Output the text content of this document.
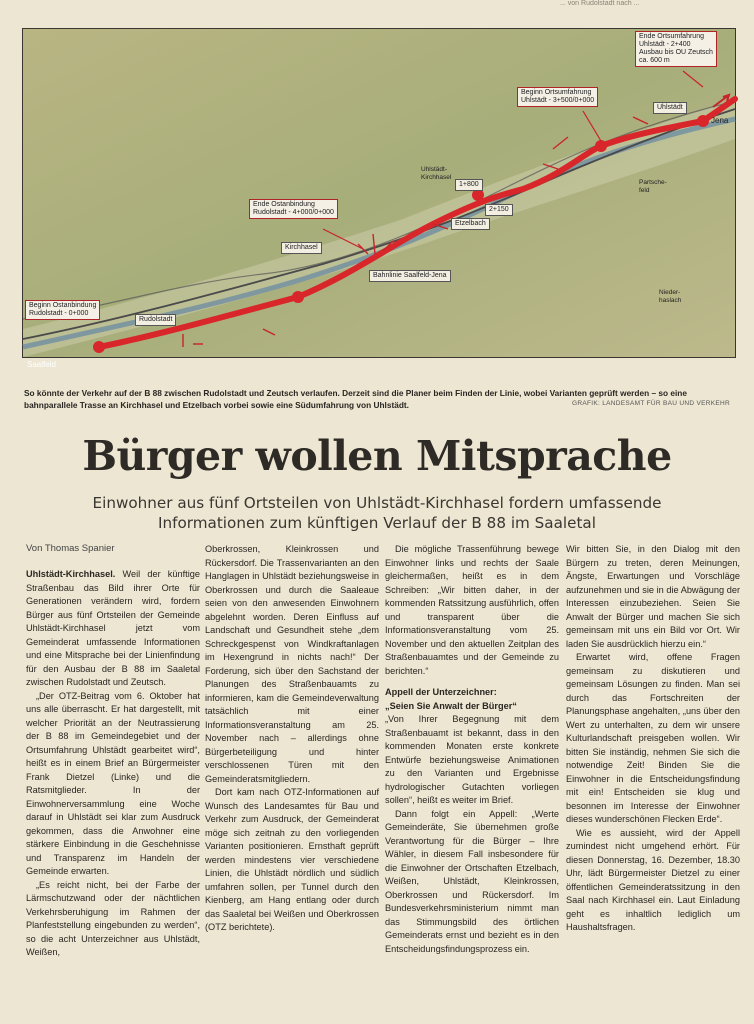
... von Rudolstadt nach ...
Ende Ortsumfahrung
Uhlstädt - 2+400
Ausbau bis OU Zeutsch
ca. 600 m
Beginn Ortsumfahrung
Uhlstädt - 3+500/0+000
Uhlstädt
Jena
Uhlstädt-
Kirchhasel
1+800
2+150
Etzelbach
Ende Ostanbindung
Rudolstadt - 4+000/0+000
Kirchhasel
Bahnlinie Saalfeld-Jena
Rudolstadt
Beginn Ostanbindung
Rudolstadt - 0+000
Saalfeld
Partsche-
feld
Nieder-
haslach
So könnte der Verkehr auf der B 88 zwischen Rudolstadt und Zeutsch verlaufen. Derzeit sind die Planer beim Finden der Linie, wobei Varianten geprüft werden – so eine bahnparallele Trasse an Kirchhasel und Etzelbach vorbei sowie eine Südumfahrung von Uhlstädt.	GRAFIK: LANDESAMT FÜR BAU UND VERKEHR
Bürger wollen Mitsprache
Einwohner aus fünf Ortsteilen von Uhlstädt-Kirchhasel fordern umfassende Informationen zum künftigen Verlauf der B 88 im Saaletal
Von Thomas Spanier

Uhlstädt-Kirchhasel. Weil der künftige Straßenbau das Bild ihrer Orte für Generationen verändern wird, fordern Bürger aus fünf Ortsteilen der Gemeinde Uhlstädt-Kirchhasel jetzt vom Gemeinderat umfassende Informationen und eine Mitsprache bei der Linienfindung für den Ausbau der B 88 im Saaletal zwischen Rudolstadt und Zeutsch.

„Der OTZ-Beitrag vom 6. Oktober hat uns alle überrascht. Er hat dargestellt, mit welcher Priorität an der Neutrassierung der B 88 im Gemeindegebiet und der Ortsumfahrung Uhlstädt gearbeitet wird“, heißt es in einem Brief an Bürgermeister Frank Dietzel (Linke) und die Ratsmitglieder. In der Einwohnerversammlung eine Woche darauf in Uhlstädt sei klar zum Ausdruck gekommen, dass die Anwohner eine stärkere Einbindung in die Geschehnisse und Transparenz im Handeln der Gemeinde erwarten.

„Es reicht nicht, bei der Farbe der Lärmschutzwand oder der nächtlichen Verkehrsberuhigung im Rahmen der Planfeststellung eingebunden zu werden“, so die acht Unterzeichner aus Uhlstädt, Weißen,

Oberkrossen, Kleinkrossen und Rückersdorf. Die Trassenvarianten an den Hanglagen in Uhlstädt beziehungsweise in Oberkrossen und durch die Saaleaue seien von den anwesenden Einwohnern abgelehnt worden. Deren Einfluss auf Landschaft und Gesundheit stehe „dem Schreckgespenst von Windkraftanlagen im Hexengrund in nichts nach!“ Der Forderung, sich über den Sachstand der Planungen des Straßenbauamts zu informieren, kam die Gemeindeverwaltung tatsächlich mit einer Informationsveranstaltung am 25. November nach – allerdings ohne Bürgerbeteiligung und hinter verschlossenen Türen mit den Gemeinderatsmitgliedern.

Dort kam nach OTZ-Informationen auf Wunsch des Landesamtes für Bau und Verkehr zum Ausdruck, der Gemeinderat möge sich zeitnah zu den vorliegenden Varianten positionieren. Ernsthaft geprüft werden mindestens vier verschiedene Linien, die Uhlstädt nördlich und südlich umfahren sollen, per Tunnel durch den Kienberg, am Hang entlang oder durch das Saaletal bei Weißen und Oberkrossen (OTZ berichtete).

Die mögliche Trassenführung bewege Einwohner links und rechts der Saale gleichermaßen, heißt es in dem Schreiben: „Wir bitten daher, in der kommenden Ratssitzung ausführlich, offen und transparent über die Informationsveranstaltung vom 25. November und den aktuellen Zeitplan des Straßenbauamtes und der Gemeinde zu berichten.“

Appell der Unterzeichner:

„Seien Sie Anwalt der Bürger“

„Von Ihrer Begegnung mit dem Straßenbauamt ist bekannt, dass in den kommenden Monaten erste konkrete Entwürfe beziehungsweise Animationen zu den Varianten und Ergebnisse hydrologischer Gutachten vorliegen sollen“, heißt es weiter im Brief.

Dann folgt ein Appell: „Werte Gemeinderäte, Sie übernehmen große Verantwortung für die Bürger – Ihre Wähler, in diesem Fall insbesondere für die Einwohner der Ortschaften Etzelbach, Weißen, Uhlstädt, Kleinkrossen, Oberkrossen und Rückersdorf. Im Bundesverkehrsministerium nimmt man das Stimmungsbild des örtlichen Gemeinderats ernst und bezieht es in den Entscheidungsfindungsprozess ein.

Wir bitten Sie, in den Dialog mit den Bürgern zu treten, deren Meinungen, Ängste, Erwartungen und Vorschläge aufzunehmen und sie in die Abwägung der Interessen einzubeziehen. Seien Sie Anwalt der Bürger und machen Sie sich gemeinsam mit uns ein Bild vor Ort. Wir laden Sie ausdrücklich hierzu ein.“

Erwartet wird, offene Fragen gemeinsam zu diskutieren und gemeinsam Lösungen zu finden. Man sei durch das Fortschreiten der Planungsphase angehalten, „uns über den Wert zu unterhalten, zu dem wir unsere Kulturlandschaft preisgeben wollen. Wir bitten Sie inständig, nehmen Sie sich die notwendige Zeit! Binden Sie die Einwohner in die Entscheidungsfindung mit ein! Entscheiden sie klug und besonnen im Interesse der Einwohner dieses wunderschönen Flecken Erde“.

Wie es aussieht, wird der Appell zumindest nicht umgehend erhört. Für diesen Donnerstag, 16. Dezember, 18.30 Uhr, lädt Bürgermeister Dietzel zu einer öffentlichen Gemeinderatssitzung in den Saal nach Kirchhasel ein. Laut Einladung geht es inhaltlich lediglich um Haushaltsfragen.
